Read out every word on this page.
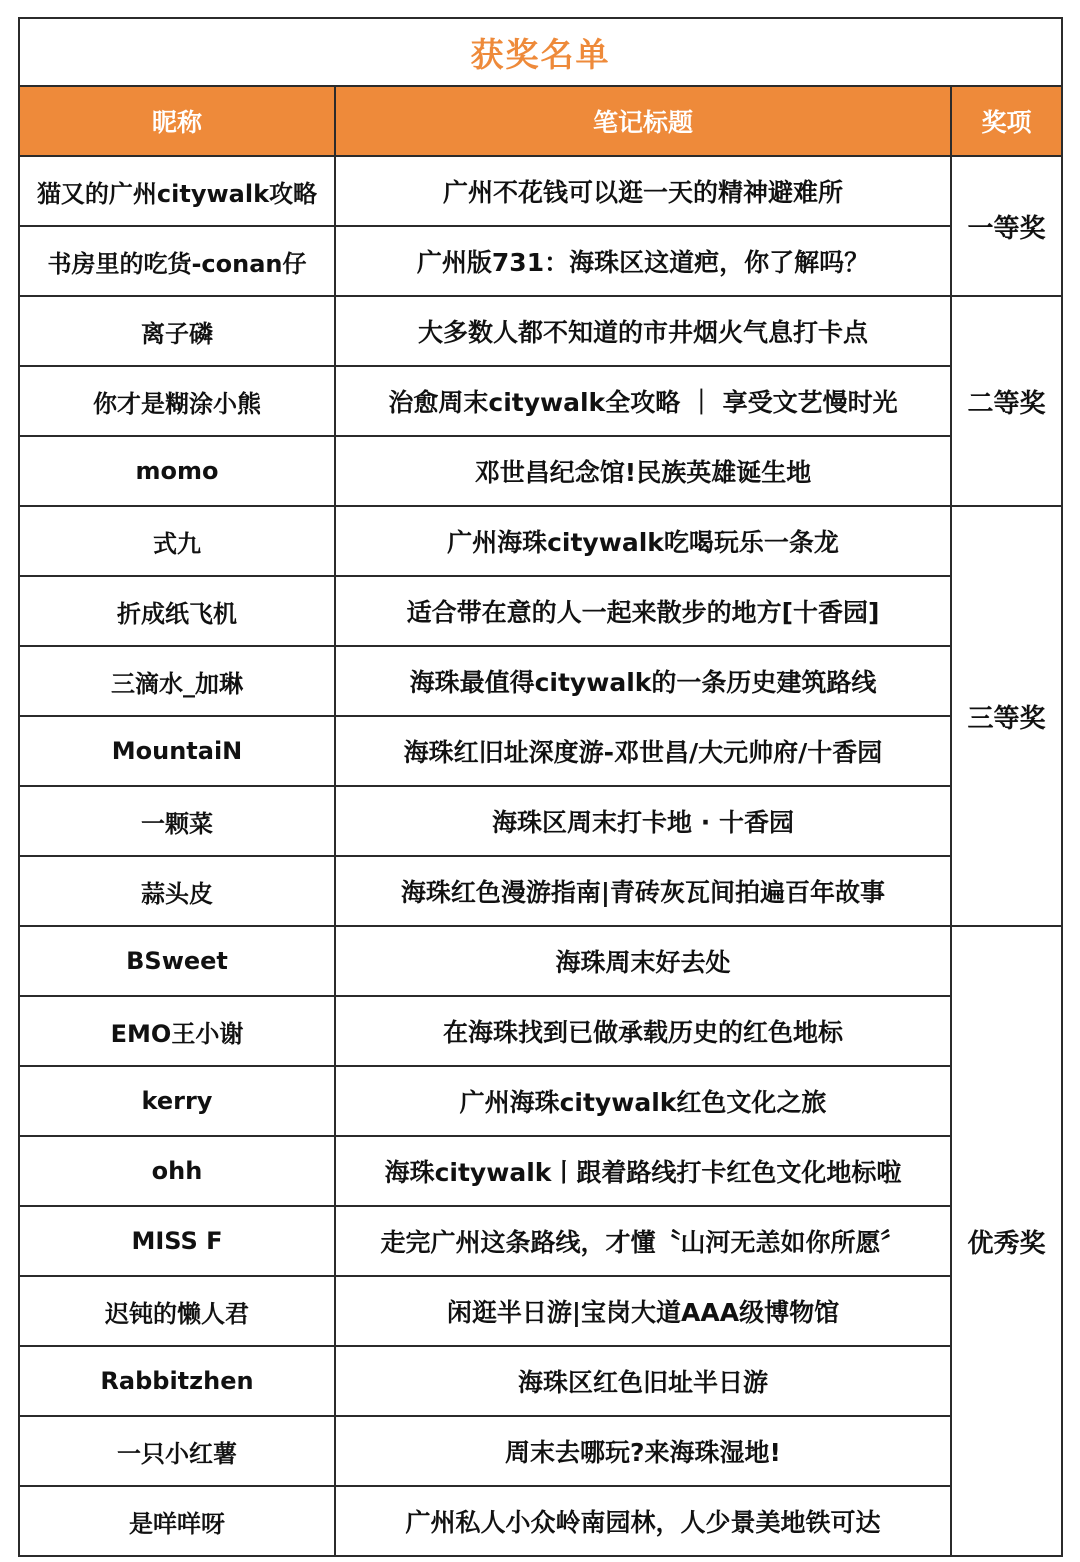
获奖名单		
昵称	笔记标题	奖项
猫又的广州citywalk攻略	广州不花钱可以逛一天的精神避难所	一等奖
书房里的吃货-conan仔	广州版731：海珠区这道疤，你了解吗？	
离子磷	大多数人都不知道的市井烟火气息打卡点	二等奖
你才是糊涂小熊	治愈周末citywalk全攻略 ｜ 享受文艺慢时光	
momo	邓世昌纪念馆!民族英雄诞生地	
式九	广州海珠citywalk吃喝玩乐一条龙	三等奖
折成纸飞机	适合带在意的人一起来散步的地方[十香园]	
三滴水_加琳	海珠最值得citywalk的一条历史建筑路线	
MountaiN	海珠红旧址深度游-邓世昌/大元帅府/十香园	
一颗菜	海珠区周末打卡地 · 十香园	
蒜头皮	海珠红色漫游指南|青砖灰瓦间拍遍百年故事	
BSweet	海珠周末好去处	优秀奖
EMO王小谢	在海珠找到已做承载历史的红色地标	
kerry	广州海珠citywalk红色文化之旅	
ohh	海珠citywalk丨跟着路线打卡红色文化地标啦	
MISS F	走完广州这条路线，才懂〝山河无恙如你所愿〞	
迟钝的懒人君	闲逛半日游|宝岗大道AAA级博物馆	
Rabbitzhen	海珠区红色旧址半日游	
一只小红薯	周末去哪玩?来海珠湿地!	
是咩咩呀	广州私人小众岭南园林，人少景美地铁可达	
